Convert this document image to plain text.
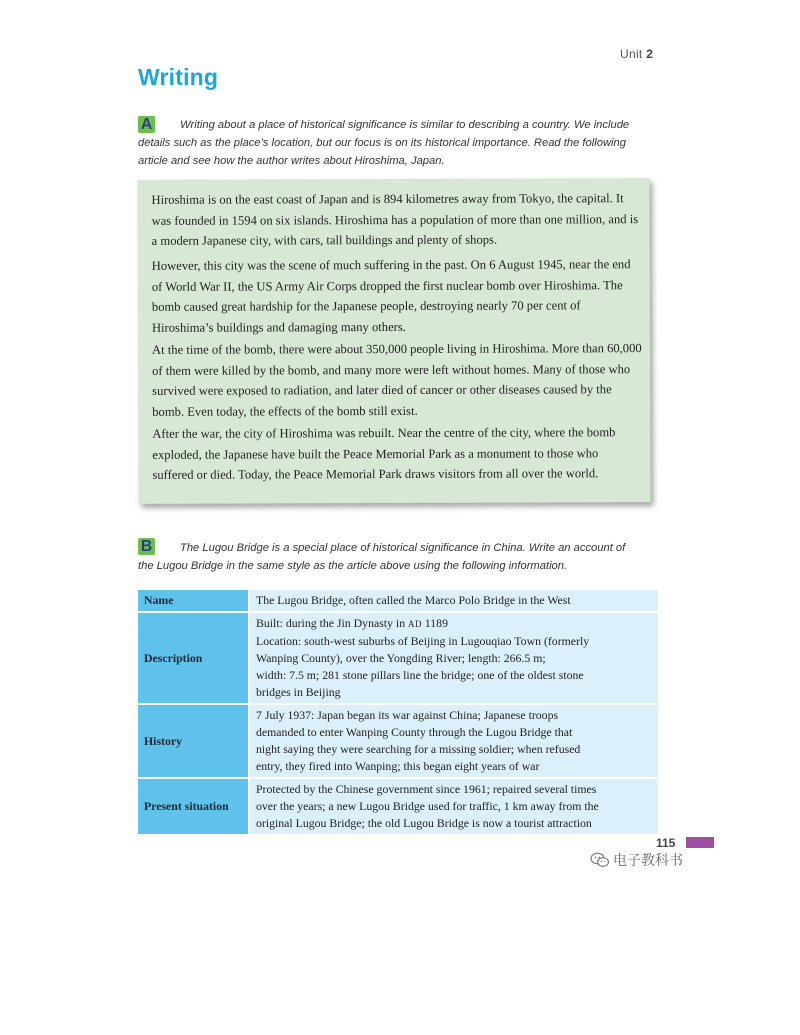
Unit 2
Writing
A	Writing about a place of historical significance is similar to describing a country. We include details such as the place’s location, but our focus is on its historical importance. Read the following article and see how the author writes about Hiroshima, Japan.
Hiroshima is on the east coast of Japan and is 894 kilometres away from Tokyo, the capital. It was founded in 1594 on six islands. Hiroshima has a population of more than one million, and is a modern Japanese city, with cars, tall buildings and plenty of shops.
However, this city was the scene of much suffering in the past. On 6 August 1945, near the end of World War II, the US Army Air Corps dropped the first nuclear bomb over Hiroshima. The bomb caused great hardship for the Japanese people, destroying nearly 70 per cent of Hiroshima’s buildings and damaging many others.
At the time of the bomb, there were about 350,000 people living in Hiroshima. More than 60,000 of them were killed by the bomb, and many more were left without homes. Many of those who survived were exposed to radiation, and later died of cancer or other diseases caused by the bomb. Even today, the effects of the bomb still exist.
After the war, the city of Hiroshima was rebuilt. Near the centre of the city, where the bomb exploded, the Japanese have built the Peace Memorial Park as a monument to those who suffered or died. Today, the Peace Memorial Park draws visitors from all over the world.
B	The Lugou Bridge is a special place of historical significance in China. Write an account of the Lugou Bridge in the same style as the article above using the following information.
Name	The Lugou Bridge, often called the Marco Polo Bridge in the West

Description	Built: during the Jin Dynasty in AD 1189
Location: south-west suburbs of Beijing in Lugouqiao Town (formerly
Wanping County), over the Yongding River; length: 266.5 m;
width: 7.5 m; 281 stone pillars line the bridge; one of the oldest stone
bridges in Beijing

History	7 July 1937: Japan began its war against China; Japanese troops
demanded to enter Wanping County through the Lugou Bridge that
night saying they were searching for a missing soldier; when refused
entry, they fired into Wanping; this began eight years of war

Present situation	Protected by the Chinese government since 1961; repaired several times
over the years; a new Lugou Bridge used for traffic, 1 km away from the
original Lugou Bridge; the old Lugou Bridge is now a tourist attraction
115
电子教科书
